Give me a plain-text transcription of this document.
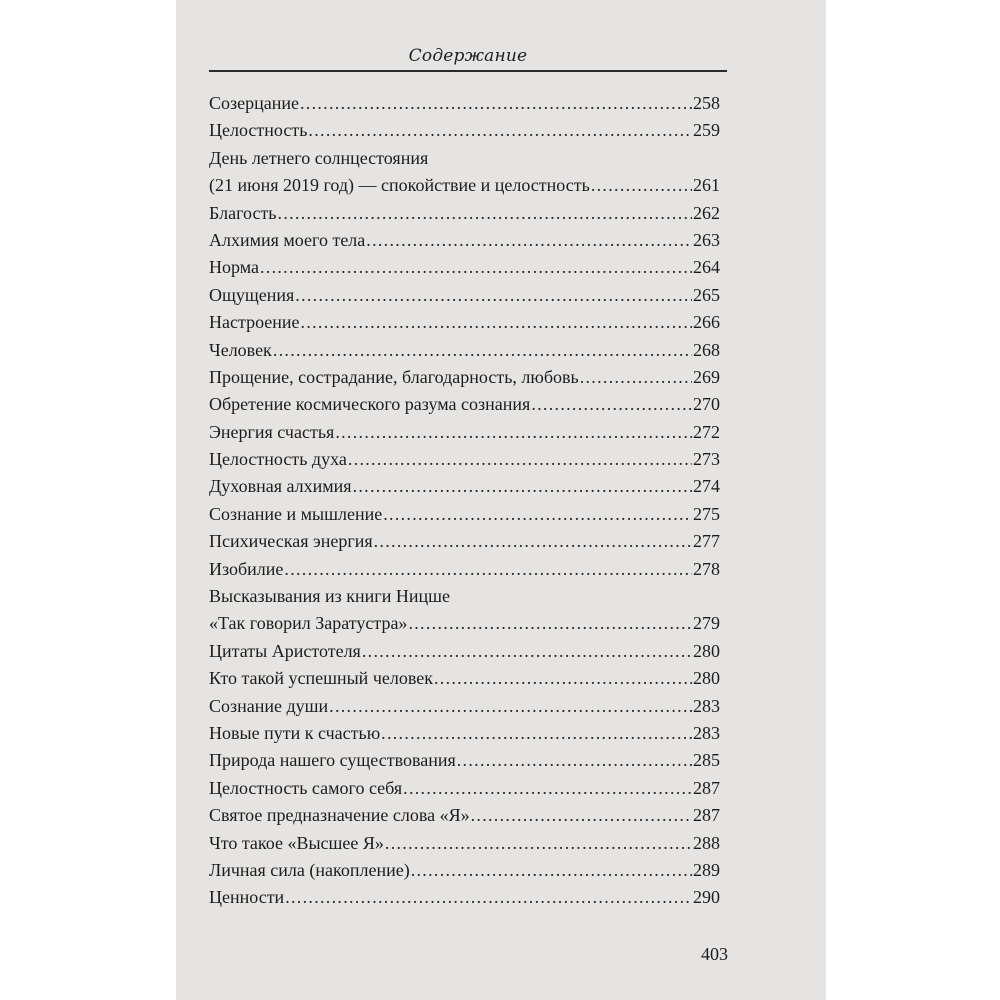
Содержание
Созерцание . . .	258
Целостность . . .	259
День летнего солнцестояния
(21 июня 2019 год) — спокойствие и целостность . . .	261
Благость . . .	262
Алхимия моего тела . . .	263
Норма . . .	264
Ощущения . . .	265
Настроение . . .	266
Человек . . .	268
Прощение, сострадание, благодарность, любовь . . .	269
Обретение космического разума сознания . . .	270
Энергия счастья . . .	272
Целостность духа . . .	273
Духовная алхимия . . .	274
Сознание и мышление . . .	275
Психическая энергия . . .	277
Изобилие . . .	278
Высказывания из книги Ницше
«Так говорил Заратустра» . . .	279
Цитаты Аристотеля . . .	280
Кто такой успешный человек . . .	280
Сознание души . . .	283
Новые пути к счастью . . .	283
Природа нашего существования . . .	285
Целостность самого себя . . .	287
Святое предназначение слова «Я» . . .	287
Что такое «Высшее Я» . . .	288
Личная сила (накопление) . . .	289
Ценности . . .	290
403
